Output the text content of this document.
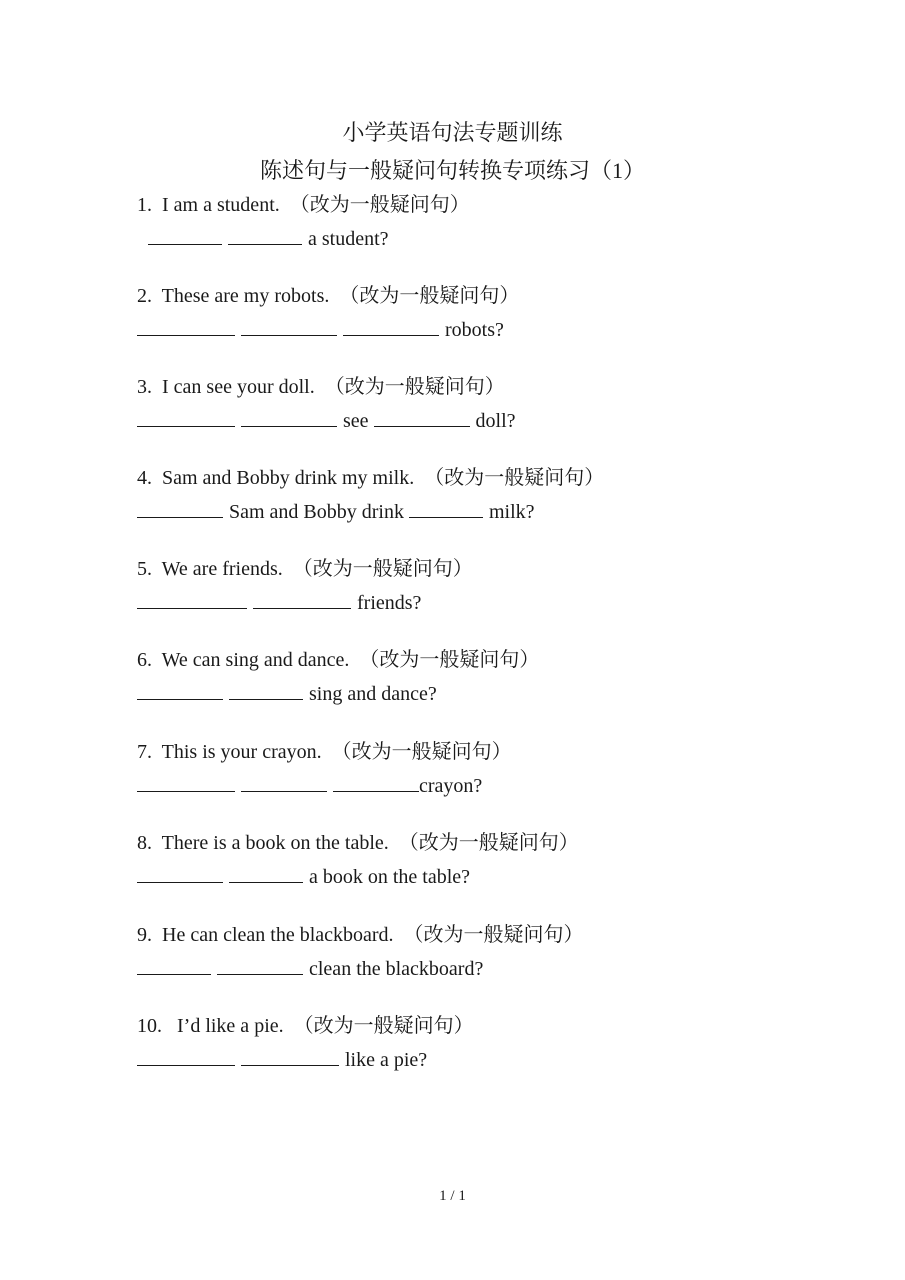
小学英语句法专题训练
陈述句与一般疑问句转换专项练习（1）
1. I am a student. （改为一般疑问句）
a student?
2. These are my robots. （改为一般疑问句）
robots?
3. I can see your doll. （改为一般疑问句）
see	doll?
4. Sam and Bobby drink my milk. （改为一般疑问句）
Sam and Bobby drink	milk?
5. We are friends. （改为一般疑问句）
friends?
6. We can sing and dance. （改为一般疑问句）
sing and dance?
7. This is your crayon. （改为一般疑问句）
crayon?
8. There is a book on the table. （改为一般疑问句）
a book on the table?
9. He can clean the blackboard. （改为一般疑问句）
clean the blackboard?
10. I’d like a pie. （改为一般疑问句）
like a pie?
1 / 1
